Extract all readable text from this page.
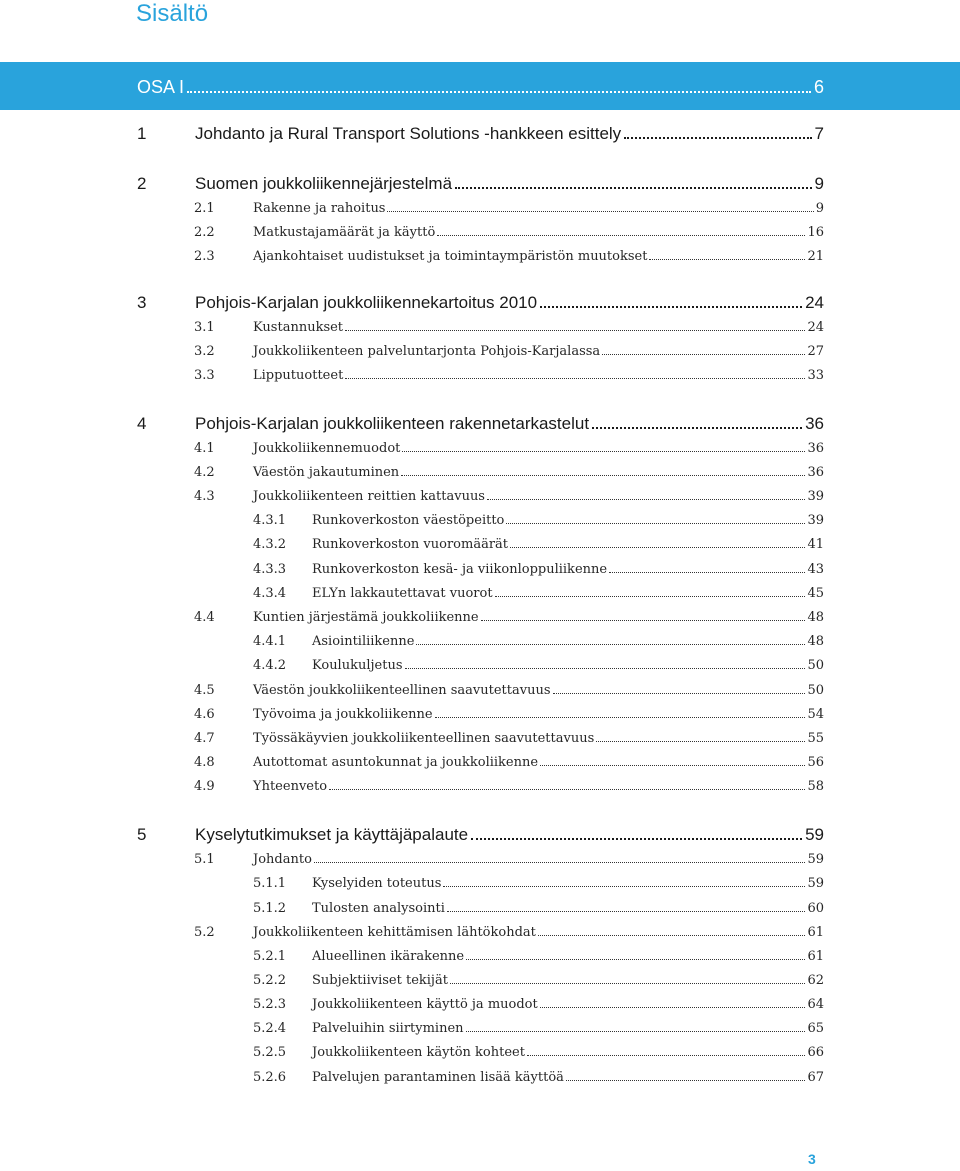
Sisältö
OSA I	6
1	Johdanto ja Rural Transport Solutions -hankkeen esittely	7
2	Suomen joukkoliikennejärjestelmä	9
2.1	Rakenne ja rahoitus	9
2.2	Matkustajamäärät ja käyttö	16
2.3	Ajankohtaiset uudistukset ja toimintaympäristön muutokset	21
3	Pohjois-Karjalan joukkoliikennekartoitus 2010	24
3.1	Kustannukset	24
3.2	Joukkoliikenteen palveluntarjonta Pohjois-Karjalassa	27
3.3	Lipputuotteet	33
4	Pohjois-Karjalan joukkoliikenteen rakennetarkastelut	36
4.1	Joukkoliikennemuodot	36
4.2	Väestön jakautuminen	36
4.3	Joukkoliikenteen reittien kattavuus	39
4.3.1	Runkoverkoston väestöpeitto	39
4.3.2	Runkoverkoston vuoromäärät	41
4.3.3	Runkoverkoston kesä- ja viikonloppuliikenne	43
4.3.4	ELYn lakkautettavat vuorot	45
4.4	Kuntien järjestämä joukkoliikenne	48
4.4.1	Asiointiliikenne	48
4.4.2	Koulukuljetus	50
4.5	Väestön joukkoliikenteellinen saavutettavuus	50
4.6	Työvoima ja joukkoliikenne	54
4.7	Työssäkäyvien joukkoliikenteellinen saavutettavuus	55
4.8	Autottomat asuntokunnat ja joukkoliikenne	56
4.9	Yhteenveto	58
5	Kyselytutkimukset ja käyttäjäpalaute	59
5.1	Johdanto	59
5.1.1	Kyselyiden toteutus	59
5.1.2	Tulosten analysointi	60
5.2	Joukkoliikenteen kehittämisen lähtökohdat	61
5.2.1	Alueellinen ikärakenne	61
5.2.2	Subjektiiviset tekijät	62
5.2.3	Joukkoliikenteen käyttö ja muodot	64
5.2.4	Palveluihin siirtyminen	65
5.2.5	Joukkoliikenteen käytön kohteet	66
5.2.6	Palvelujen parantaminen lisää käyttöä	67
3
